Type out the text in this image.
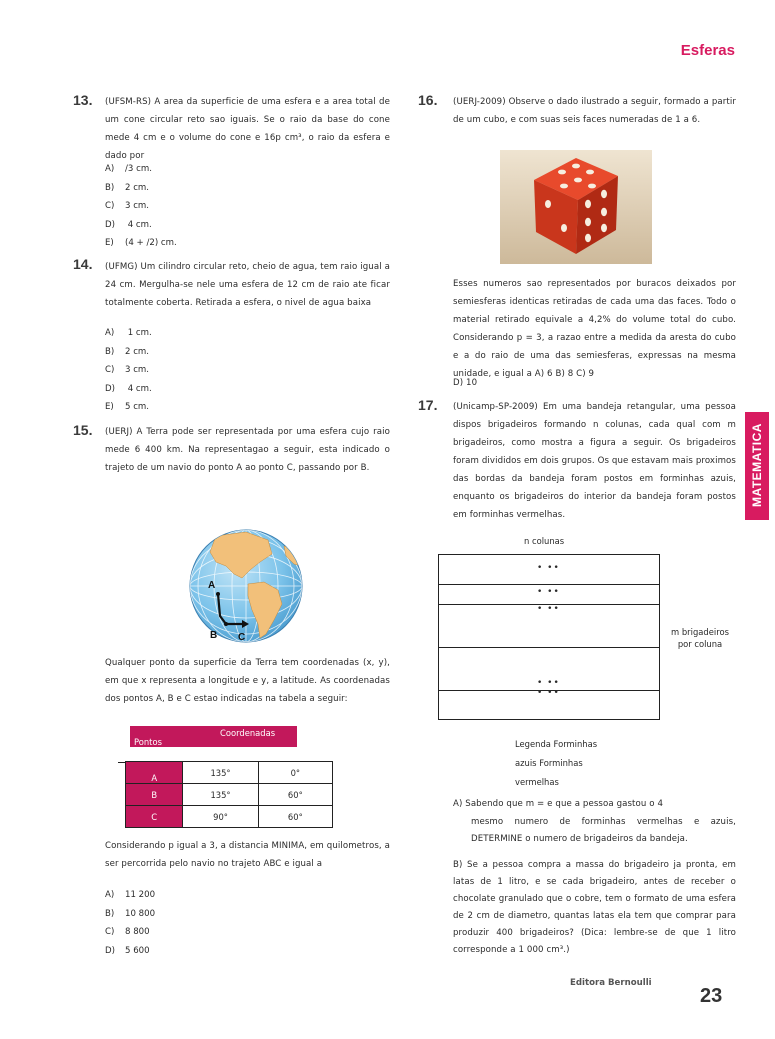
Esferas
MATEMATICA
13. (UFSM-RS) A area da superficie de uma esfera e a area total de um cone circular reto sao iguais. Se o raio da base do cone mede 4 cm e o volume do cone e 16p cm³, o raio da esfera e dado por
A) /3 cm.
B) 2 cm.
C) 3 cm.
D) 4 cm.
E) (4 + /2) cm.
14. (UFMG) Um cilindro circular reto, cheio de agua, tem raio igual a 24 cm. Mergulha-se nele uma esfera de 12 cm de raio ate ficar totalmente coberta. Retirada a esfera, o nivel de agua baixa
A) 1 cm.
B) 2 cm.
C) 3 cm.
D) 4 cm.
E) 5 cm.
15. (UERJ) A Terra pode ser representada por uma esfera cujo raio mede 6 400 km. Na representagao a seguir, esta indicado o trajeto de um navio do ponto A ao ponto C, passando por B.
A
B C
Qualquer ponto da superficie da Terra tem coordenadas (x, y), em que x representa a longitude e y, a latitude. As coordenadas dos pontos A, B e C estao indicadas na tabela a seguir:
Coordenadas
Pontos
A	135°	0°
B	135°	60°
C	90°	60°
Considerando p igual a 3, a distancia MINIMA, em quilometros, a ser percorrida pelo navio no trajeto ABC e igual a
A) 11 200
B) 10 800
C) 8 800
D) 5 600
16. (UERJ-2009) Observe o dado ilustrado a seguir, formado a partir de um cubo, e com suas seis faces numeradas de 1 a 6.
Esses numeros sao representados por buracos deixados por semiesferas identicas retiradas de cada uma das faces. Todo o material retirado equivale a 4,2% do volume total do cubo. Considerando p = 3, a razao entre a medida da aresta do cubo e a do raio de uma das semiesferas, expressas na mesma unidade, e igual a A) 6 B) 8 C) 9
D) 10
17. (Unicamp-SP-2009) Em uma bandeja retangular, uma pessoa dispos brigadeiros formando n colunas, cada qual com m brigadeiros, como mostra a figura a seguir. Os brigadeiros foram divididos em dois grupos. Os que estavam mais proximos das bordas da bandeja foram postos em forminhas azuis, enquanto os brigadeiros do interior da bandeja foram postos em forminhas vermelhas.
n colunas
• ••
• ••
• ••
• ••
• ••
m brigadeiros
por coluna
Legenda Forminhas
azuis Forminhas
vermelhas
A) Sabendo que m = e que a pessoa gastou o 4
mesmo numero de forminhas vermelhas e azuis, DETERMINE o numero de brigadeiros da bandeja.
B) Se a pessoa compra a massa do brigadeiro ja pronta, em latas de 1 litro, e se cada brigadeiro, antes de receber o chocolate granulado que o cobre, tem o formato de uma esfera de 2 cm de diametro, quantas latas ela tem que comprar para produzir 400 brigadeiros? (Dica: lembre-se de que 1 litro corresponde a 1 000 cm³.)
Editora Bernoulli
23
